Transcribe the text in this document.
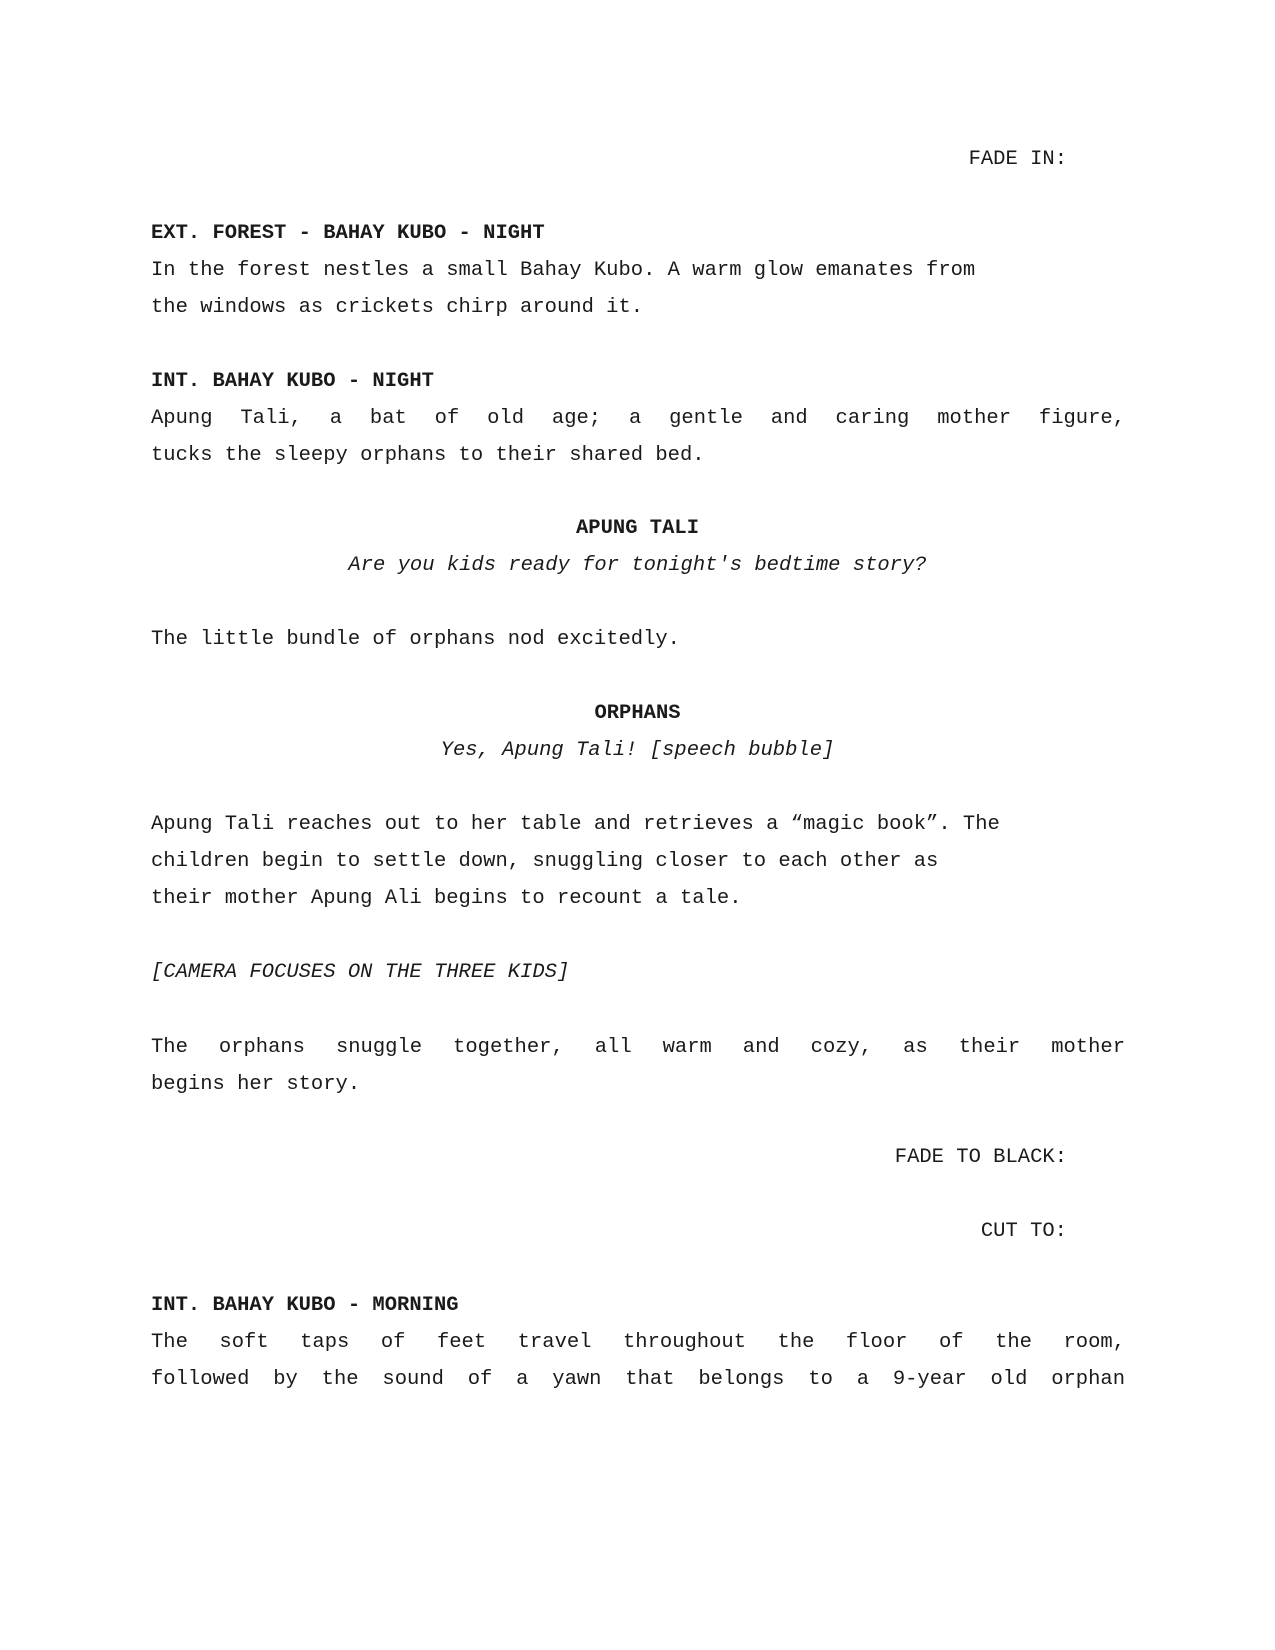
FADE IN:
EXT. FOREST - BAHAY KUBO - NIGHT
In the forest nestles a small Bahay Kubo. A warm glow emanates from
the windows as crickets chirp around it.
INT. BAHAY KUBO - NIGHT
Apung Tali, a bat of old age; a gentle and caring mother figure,
tucks the sleepy orphans to their shared bed.
APUNG TALI
Are you kids ready for tonight's bedtime story?
The little bundle of orphans nod excitedly.
ORPHANS
Yes, Apung Tali! [speech bubble]
Apung Tali reaches out to her table and retrieves a “magic book”. The
children begin to settle down, snuggling closer to each other as
their mother Apung Ali begins to recount a tale.
[CAMERA FOCUSES ON THE THREE KIDS]
The orphans snuggle together, all warm and cozy, as their mother
begins her story.
FADE TO BLACK:
CUT TO:
INT. BAHAY KUBO - MORNING
The soft taps of feet travel throughout the floor of the room,
followed by the sound of a yawn that belongs to a 9-year old orphan
